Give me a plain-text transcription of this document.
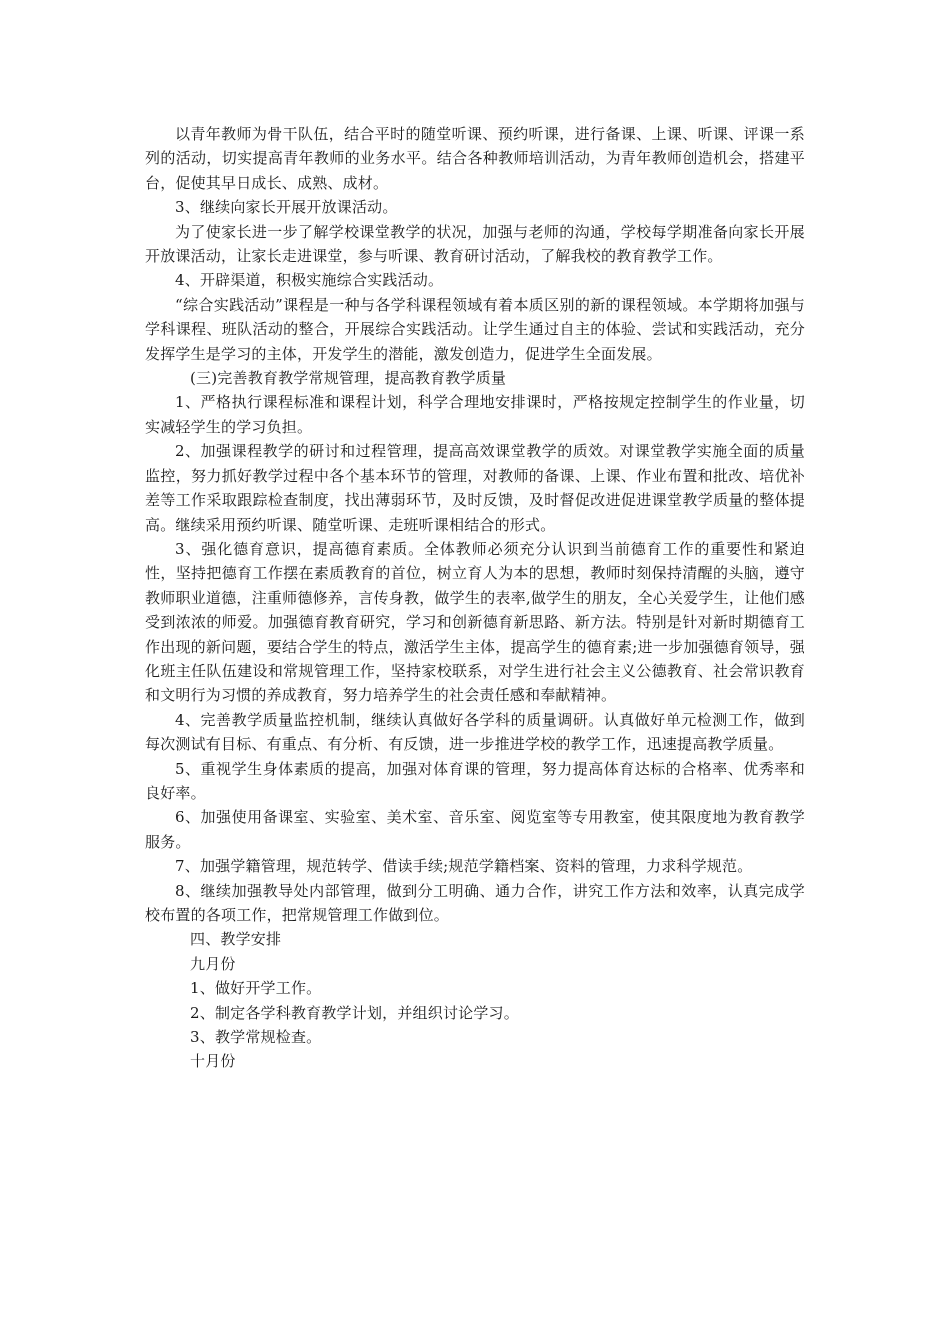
以青年教师为骨干队伍，结合平时的随堂听课、预约听课，进行备课、上课、听课、评课一系列的活动，切实提高青年教师的业务水平。结合各种教师培训活动，为青年教师创造机会，搭建平台，促使其早日成长、成熟、成材。

3、继续向家长开展开放课活动。

为了使家长进一步了解学校课堂教学的状况，加强与老师的沟通，学校每学期准备向家长开展开放课活动，让家长走进课堂，参与听课、教育研讨活动，了解我校的教育教学工作。

4、开辟渠道，积极实施综合实践活动。

“综合实践活动”课程是一种与各学科课程领域有着本质区别的新的课程领域。本学期将加强与学科课程、班队活动的整合，开展综合实践活动。让学生通过自主的体验、尝试和实践活动，充分发挥学生是学习的主体，开发学生的潜能，激发创造力，促进学生全面发展。

(三)完善教育教学常规管理，提高教育教学质量

1、严格执行课程标准和课程计划，科学合理地安排课时，严格按规定控制学生的作业量，切实减轻学生的学习负担。

2、加强课程教学的研讨和过程管理，提高高效课堂教学的质效。对课堂教学实施全面的质量监控，努力抓好教学过程中各个基本环节的管理，对教师的备课、上课、作业布置和批改、培优补差等工作采取跟踪检查制度，找出薄弱环节，及时反馈，及时督促改进促进课堂教学质量的整体提高。继续采用预约听课、随堂听课、走班听课相结合的形式。

3、强化德育意识，提高德育素质。全体教师必须充分认识到当前德育工作的重要性和紧迫性，坚持把德育工作摆在素质教育的首位，树立育人为本的思想，教师时刻保持清醒的头脑，遵守教师职业道德，注重师德修养，言传身教，做学生的表率,做学生的朋友，全心关爱学生，让他们感受到浓浓的师爱。加强德育教育研究，学习和创新德育新思路、新方法。特别是针对新时期德育工作出现的新问题，要结合学生的特点，激活学生主体，提高学生的德育素;进一步加强德育领导，强化班主任队伍建设和常规管理工作，坚持家校联系，对学生进行社会主义公德教育、社会常识教育和文明行为习惯的养成教育，努力培养学生的社会责任感和奉献精神。

4、完善教学质量监控机制，继续认真做好各学科的质量调研。认真做好单元检测工作，做到每次测试有目标、有重点、有分析、有反馈，进一步推进学校的教学工作，迅速提高教学质量。

5、重视学生身体素质的提高，加强对体育课的管理，努力提高体育达标的合格率、优秀率和良好率。

6、加强使用备课室、实验室、美术室、音乐室、阅览室等专用教室，使其限度地为教育教学服务。

7、加强学籍管理，规范转学、借读手续;规范学籍档案、资料的管理，力求科学规范。

8、继续加强教导处内部管理，做到分工明确、通力合作，讲究工作方法和效率，认真完成学校布置的各项工作，把常规管理工作做到位。

四、教学安排

九月份

1、做好开学工作。

2、制定各学科教育教学计划，并组织讨论学习。

3、教学常规检查。

十月份
